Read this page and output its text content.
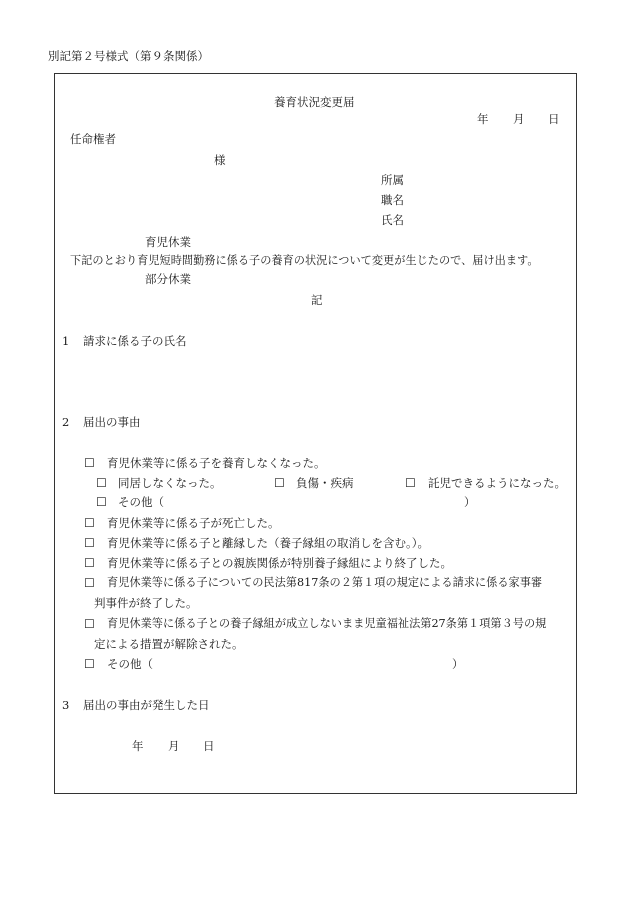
別記第２号様式（第９条関係）
養育状況変更届
年 月 日
任命権者
様
所属
職名
氏名
育児休業
下記のとおり育児短時間勤務に係る子の養育の状況について変更が生じたので、届け出ます。
部分休業
記
1 請求に係る子の氏名
2 届出の事由
☐ 育児休業等に係る子を養育しなくなった。
☐ 同居しなくなった。	☐ 負傷・疾病	☐ 託児できるようになった。
☐ その他（	）
☐ 育児休業等に係る子が死亡した。
☐ 育児休業等に係る子と離縁した（養子縁組の取消しを含む。）。
☐ 育児休業等に係る子との親族関係が特別養子縁組により終了した。
☐ 育児休業等に係る子についての民法第817条の２第１項の規定による請求に係る家事審
判事件が終了した。
☐ 育児休業等に係る子との養子縁組が成立しないまま児童福祉法第27条第１項第３号の規
定による措置が解除された。
☐ その他（	）
3 届出の事由が発生した日
年 月 日
